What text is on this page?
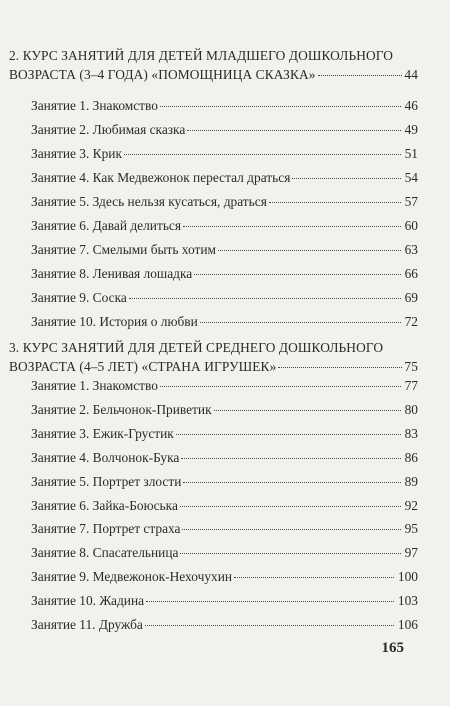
2. КУРС ЗАНЯТИЙ ДЛЯ ДЕТЕЙ МЛАДШЕГО ДОШКОЛЬНОГО
ВОЗРАСТА (3–4 ГОДА) «ПОМОЩНИЦА СКАЗКА»	44
Занятие 1. Знакомство	46
Занятие 2. Любимая сказка	49
Занятие 3. Крик	51
Занятие 4. Как Медвежонок перестал драться	54
Занятие 5. Здесь нельзя кусаться, драться	57
Занятие 6. Давай делиться	60
Занятие 7. Смелыми быть хотим	63
Занятие 8. Ленивая лошадка	66
Занятие 9. Соска	69
Занятие 10. История о любви	72
3. КУРС ЗАНЯТИЙ ДЛЯ ДЕТЕЙ СРЕДНЕГО ДОШКОЛЬНОГО
ВОЗРАСТА (4–5 ЛЕТ) «СТРАНА ИГРУШЕК»	75
Занятие 1. Знакомство	77
Занятие 2. Бельчонок-Приветик	80
Занятие 3. Ежик-Грустик	83
Занятие 4. Волчонок-Бука	86
Занятие 5. Портрет злости	89
Занятие 6. Зайка-Боюська	92
Занятие 7. Портрет страха	95
Занятие 8. Спасательница	97
Занятие 9. Медвежонок-Нехочухин	100
Занятие 10. Жадина	103
Занятие 11. Дружба	106
165
